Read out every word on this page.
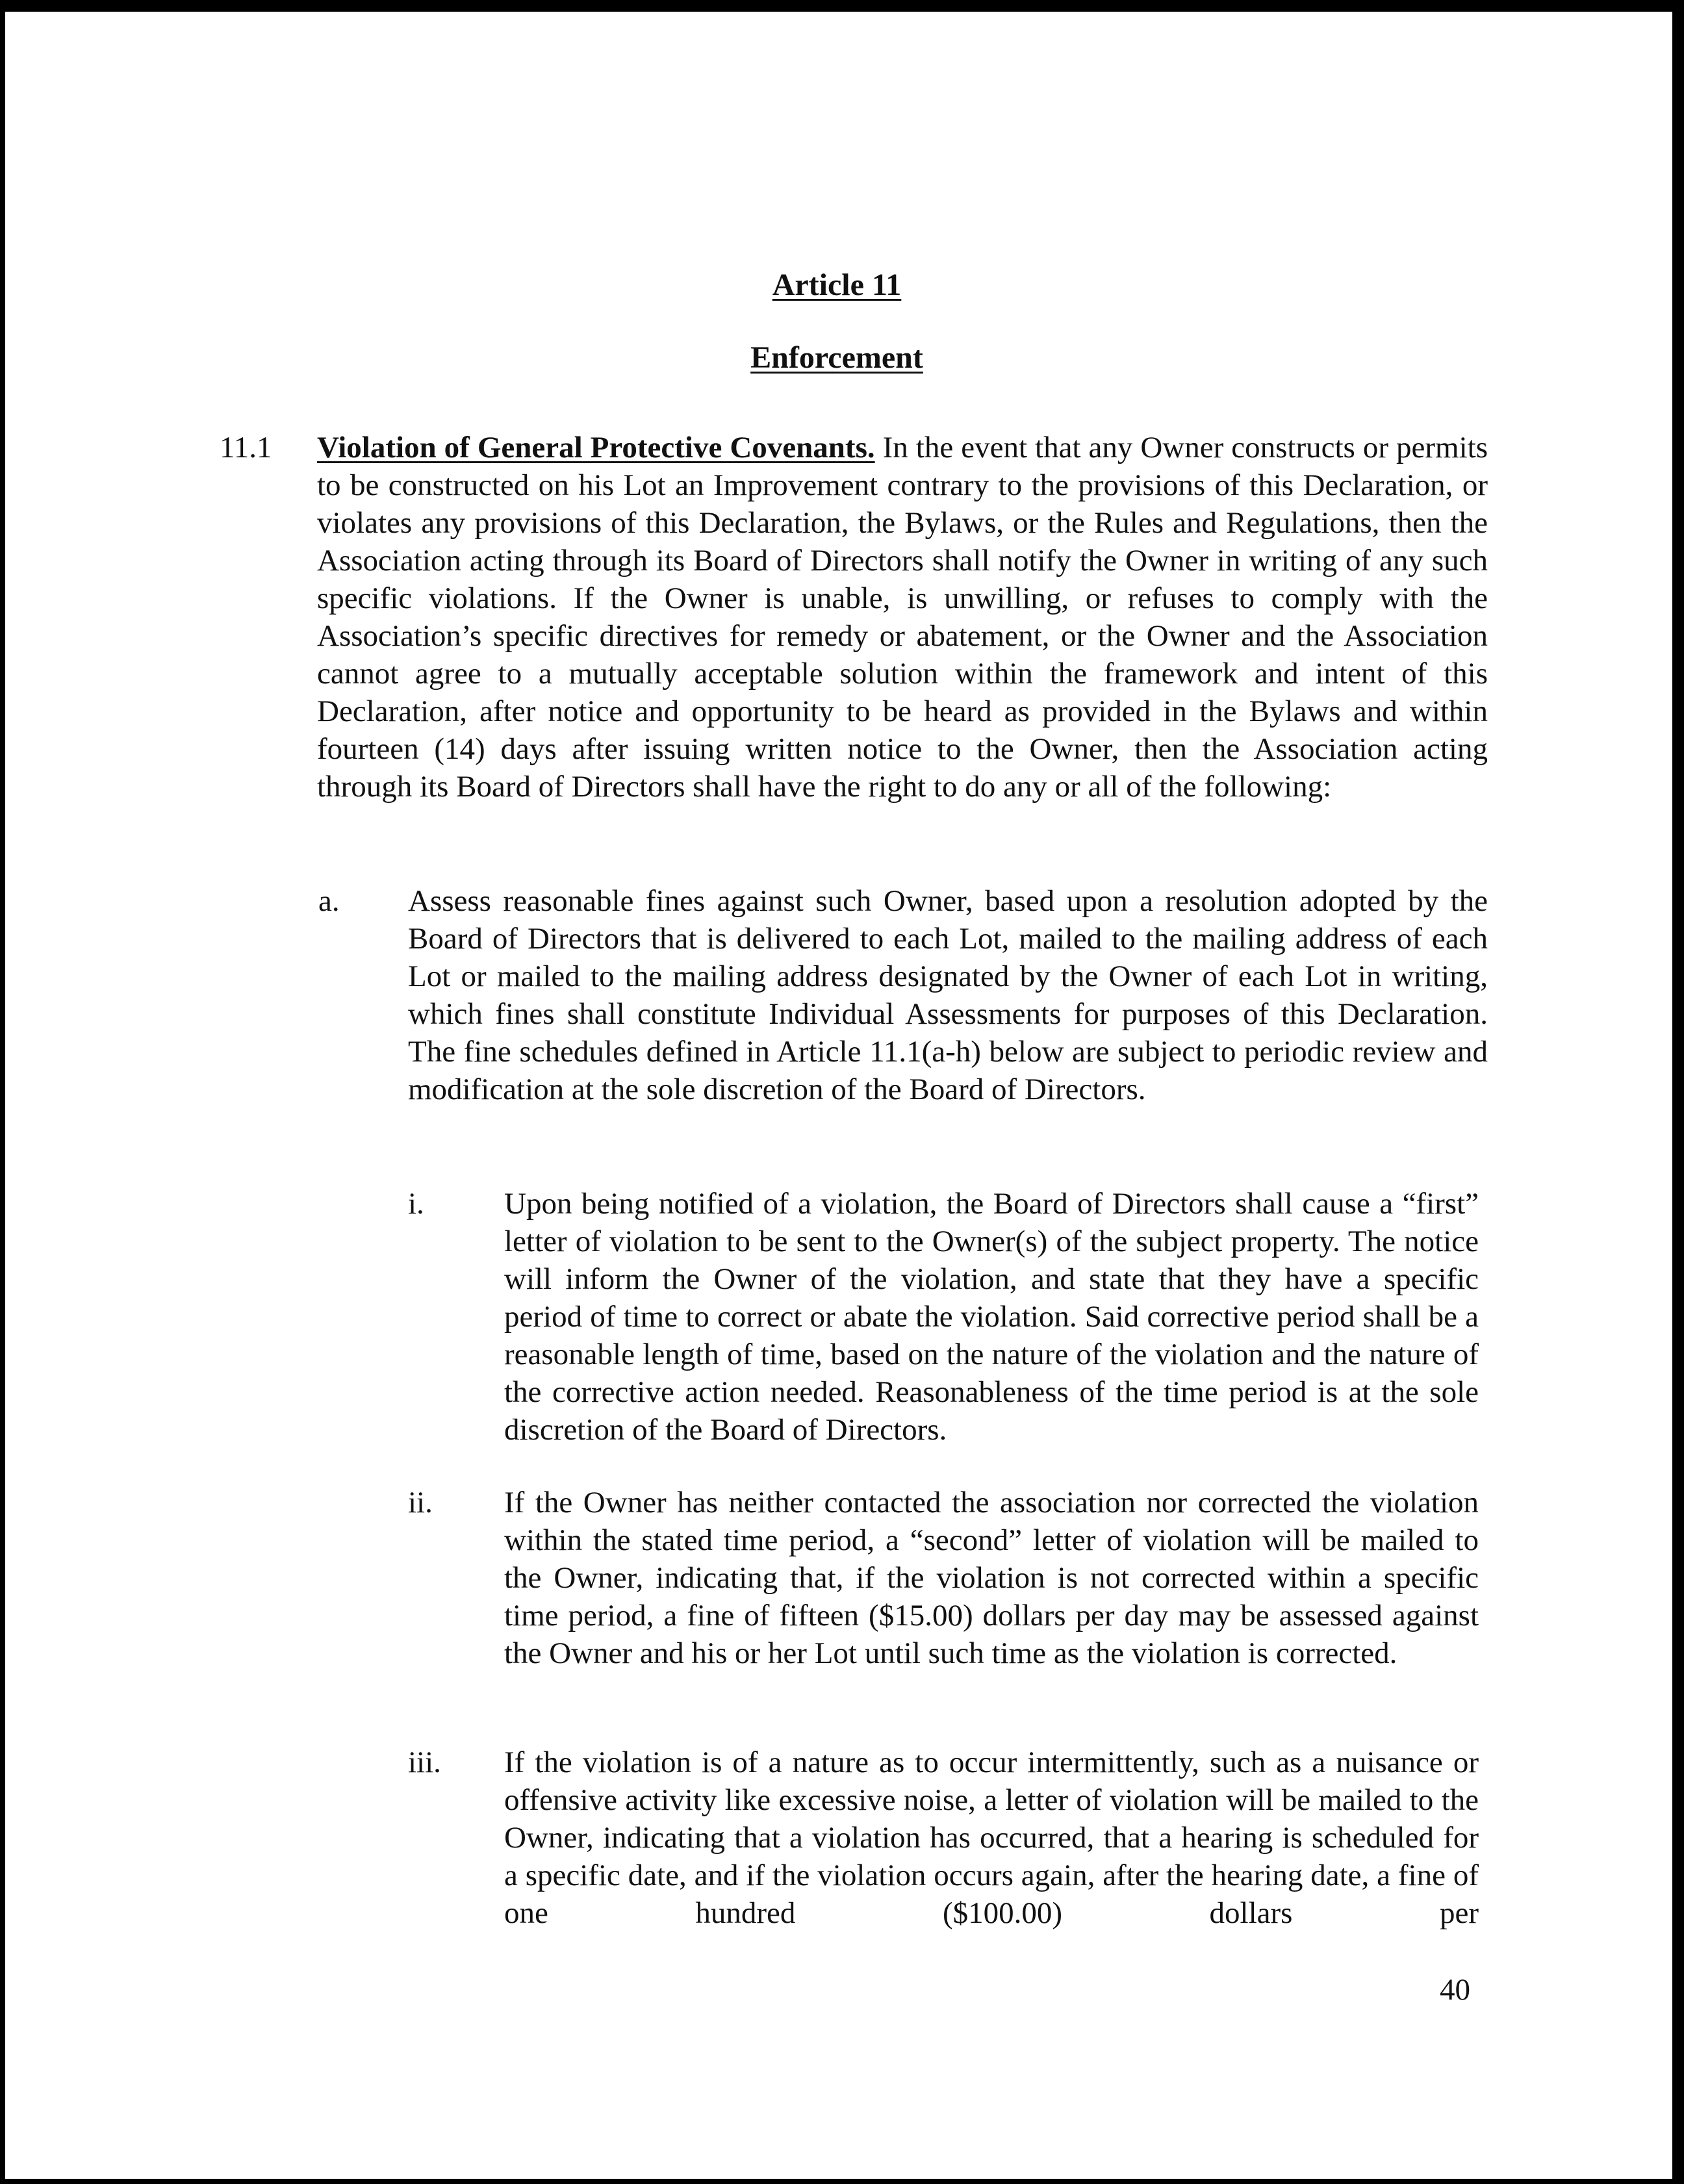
Article 11
Enforcement
11.1 Violation of General Protective Covenants. In the event that any Owner constructs or permits to be constructed on his Lot an Improvement contrary to the provisions of this Declaration, or violates any provisions of this Declaration, the Bylaws, or the Rules and Regulations, then the Association acting through its Board of Directors shall notify the Owner in writing of any such specific violations. If the Owner is unable, is unwilling, or refuses to comply with the Association’s specific directives for remedy or abatement, or the Owner and the Association cannot agree to a mutually acceptable solution within the framework and intent of this Declaration, after notice and opportunity to be heard as provided in the Bylaws and within fourteen (14) days after issuing written notice to the Owner, then the Association acting through its Board of Directors shall have the right to do any or all of the following:
a. Assess reasonable fines against such Owner, based upon a resolution adopted by the Board of Directors that is delivered to each Lot, mailed to the mailing address of each Lot or mailed to the mailing address designated by the Owner of each Lot in writing, which fines shall constitute Individual Assessments for purposes of this Declaration. The fine schedules defined in Article 11.1(a-h) below are subject to periodic review and modification at the sole discretion of the Board of Directors.
i.	Upon being notified of a violation, the Board of Directors shall cause a “first” letter of violation to be sent to the Owner(s) of the subject property. The notice will inform the Owner of the violation, and state that they have a specific period of time to correct or abate the violation. Said corrective period shall be a reasonable length of time, based on the nature of the violation and the nature of the corrective action needed. Reasonableness of the time period is at the sole discretion of the Board of Directors.
ii. If the Owner has neither contacted the association nor corrected the violation within the stated time period, a “second” letter of violation will be mailed to the Owner, indicating that, if the violation is not corrected within a specific time period, a fine of fifteen ($15.00) dollars per day may be assessed against the Owner and his or her Lot until such time as the violation is corrected.
iii. If the violation is of a nature as to occur intermittently, such as a nuisance or offensive activity like excessive noise, a letter of violation will be mailed to the Owner, indicating that a violation has occurred, that a hearing is scheduled for a specific date, and if the violation occurs again, after the hearing date, a fine of one hundred ($100.00) dollars per
40
